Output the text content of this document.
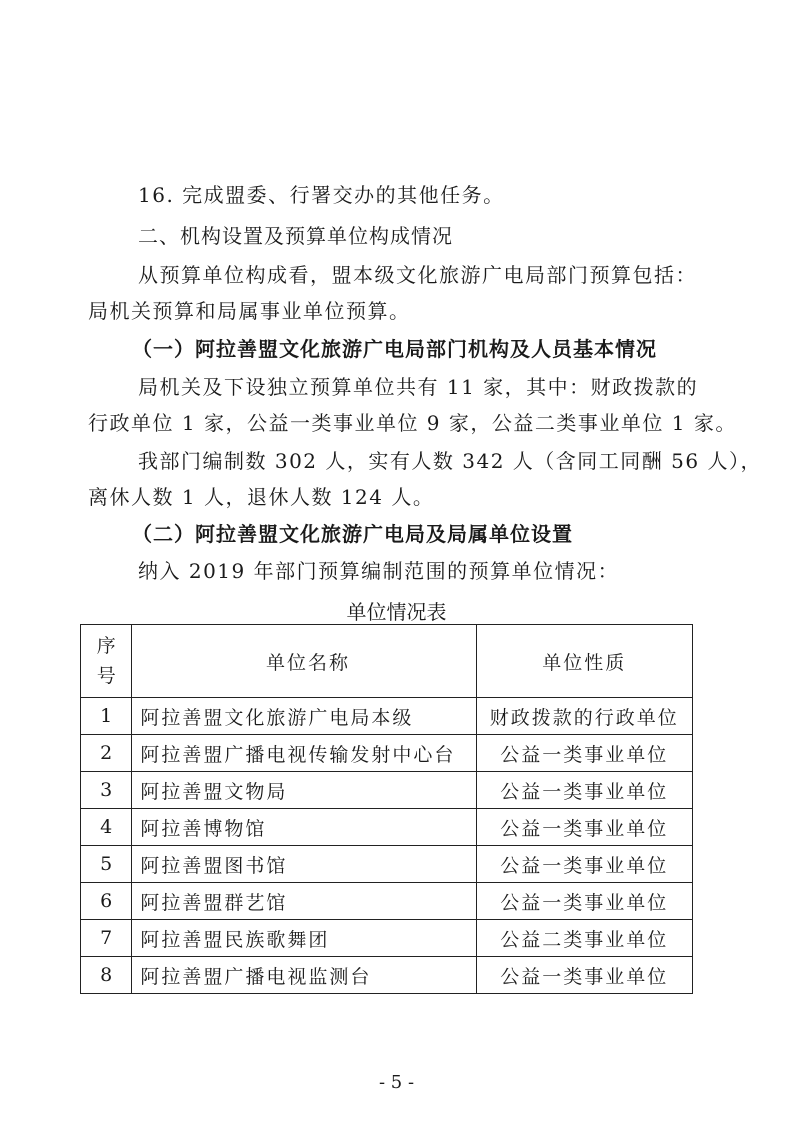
16. 完成盟委、行署交办的其他任务。
二、机构设置及预算单位构成情况
从预算单位构成看，盟本级文化旅游广电局部门预算包括：
局机关预算和局属事业单位预算。
（一）阿拉善盟文化旅游广电局部门机构及人员基本情况
局机关及下设独立预算单位共有 11 家，其中：财政拨款的
行政单位 1 家，公益一类事业单位 9 家，公益二类事业单位 1 家。
我部门编制数 302 人，实有人数 342 人（含同工同酬 56 人），
离休人数 1 人，退休人数 124 人。
（二）阿拉善盟文化旅游广电局及局属单位设置
纳入 2019 年部门预算编制范围的预算单位情况：
单位情况表
序
号	单位名称	单位性质
1	阿拉善盟文化旅游广电局本级	财政拨款的行政单位
2	阿拉善盟广播电视传输发射中心台	公益一类事业单位
3	阿拉善盟文物局	公益一类事业单位
4	阿拉善博物馆	公益一类事业单位
5	阿拉善盟图书馆	公益一类事业单位
6	阿拉善盟群艺馆	公益一类事业单位
7	阿拉善盟民族歌舞团	公益二类事业单位
8	阿拉善盟广播电视监测台	公益一类事业单位
- 5 -
